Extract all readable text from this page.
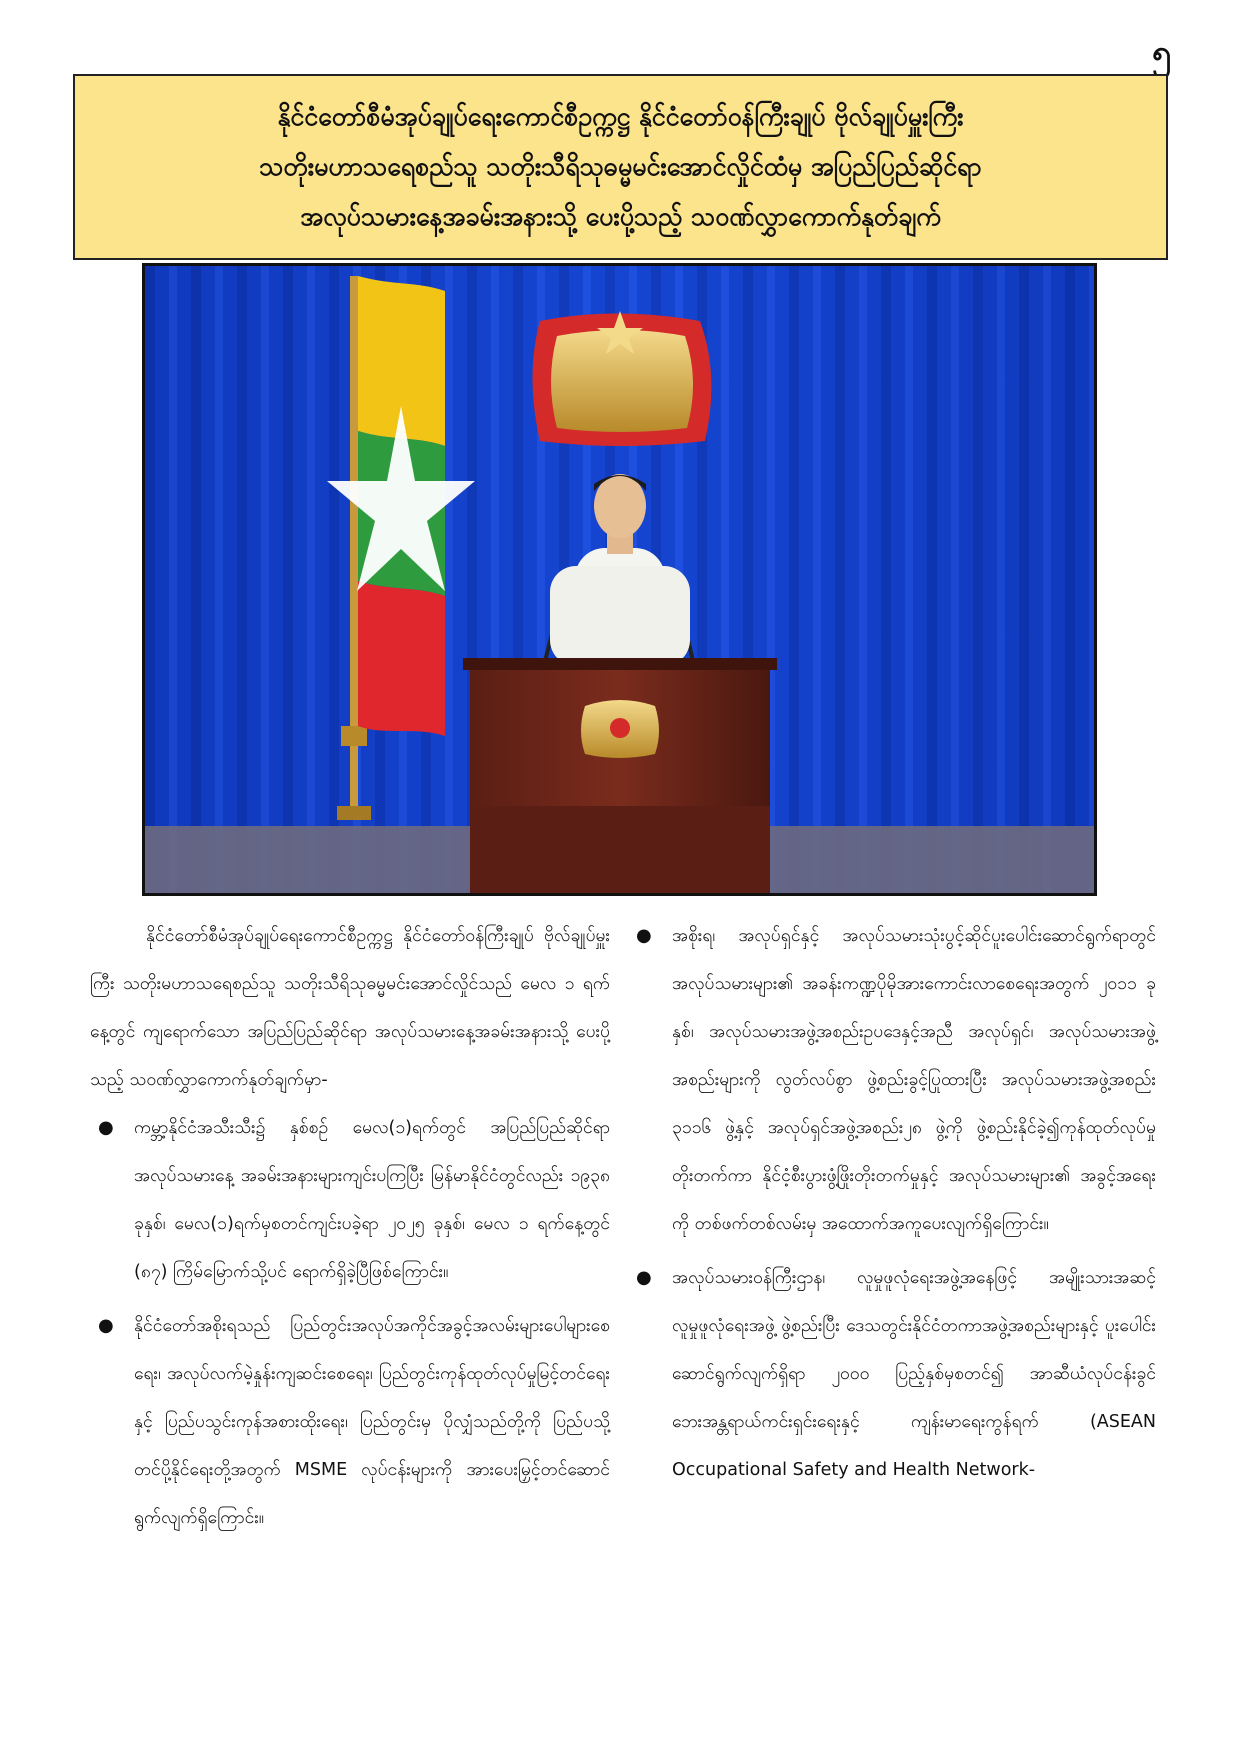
၅
နိုင်ငံတော်စီမံအုပ်ချုပ်ရေးကောင်စီဥက္ကဋ္ဌ နိုင်ငံတော်ဝန်ကြီးချုပ် ဗိုလ်ချုပ်မှူးကြီး
သတိုးမဟာသရေစည်သူ သတိုးသီရိသုဓမ္မမင်းအောင်လှိုင်ထံမှ အပြည်ပြည်ဆိုင်ရာ
အလုပ်သမားနေ့အခမ်းအနားသို့ ပေးပို့သည့် သဝဏ်လွှာကောက်နုတ်ချက်

နိုင်ငံတော်စီမံအုပ်ချုပ်ရေးကောင်စီဥက္ကဋ္ဌ နိုင်ငံတော်ဝန်ကြီးချုပ် ဗိုလ်ချုပ်မှူးကြီး သတိုးမဟာသရေစည်သူ သတိုးသီရိသုဓမ္မမင်းအောင်လှိုင်သည် မေလ ၁ ရက်နေ့တွင် ကျရောက်သော အပြည်ပြည်ဆိုင်ရာ အလုပ်သမားနေ့အခမ်းအနားသို့ ပေးပို့သည့် သဝဏ်လွှာကောက်နုတ်ချက်မှာ-

● ကမ္ဘာ့နိုင်ငံအသီးသီး၌ နှစ်စဉ် မေလ(၁)ရက်တွင် အပြည်ပြည်ဆိုင်ရာအလုပ်သမားနေ့ အခမ်းအနားများကျင်းပကြပြီး မြန်မာနိုင်ငံတွင်လည်း ၁၉၃၈ ခုနှစ်၊ မေလ(၁)ရက်မှစတင်ကျင်းပခဲ့ရာ ၂၀၂၅ ခုနှစ်၊ မေလ ၁ ရက်နေ့တွင် (၈၇) ကြိမ်မြောက်သို့ပင် ရောက်ရှိခဲ့ပြီဖြစ်ကြောင်း။
● နိုင်ငံတော်အစိုးရသည် ပြည်တွင်းအလုပ်အကိုင်အခွင့်အလမ်းများပေါများစေရေး၊ အလုပ်လက်မဲ့နှုန်းကျဆင်းစေရေး၊ ပြည်တွင်းကုန်ထုတ်လုပ်မှုမြင့်တင်ရေးနှင့် ပြည်ပသွင်းကုန်အစားထိုးရေး၊ ပြည်တွင်းမှ ပိုလျှံသည်တို့ကို ပြည်ပသို့တင်ပို့နိုင်ရေးတို့အတွက် MSME လုပ်ငန်းများကို အားပေးမြှင့်တင်ဆောင်ရွက်လျက်ရှိကြောင်း။
● အစိုးရ၊ အလုပ်ရှင်နှင့် အလုပ်သမားသုံးပွင့်ဆိုင်ပူးပေါင်းဆောင်ရွက်ရာတွင် အလုပ်သမားများ၏ အခန်းကဏ္ဍပိုမိုအားကောင်းလာစေရေးအတွက် ၂၀၁၁ ခုနှစ်၊ အလုပ်သမားအဖွဲ့အစည်းဥပဒေနှင့်အညီ အလုပ်ရှင်၊ အလုပ်သမားအဖွဲ့အစည်းများကို လွတ်လပ်စွာ ဖွဲ့စည်းခွင့်ပြုထားပြီး အလုပ်သမားအဖွဲ့အစည်း ၃၁၁၆ ဖွဲ့နှင့် အလုပ်ရှင်အဖွဲ့အစည်း၂၈ ဖွဲ့ကို ဖွဲ့စည်းနိုင်ခဲ့၍ကုန်ထုတ်လုပ်မှုတိုးတက်ကာ နိုင်ငံ့စီးပွားဖွံ့ဖြိုးတိုးတက်မှုနှင့် အလုပ်သမားများ၏ အခွင့်အရေးကို တစ်ဖက်တစ်လမ်းမှ အထောက်အကူပေးလျက်ရှိကြောင်း။
● အလုပ်သမားဝန်ကြီးဌာန၊ လူမှုဖူလုံရေးအဖွဲ့အနေဖြင့် အမျိုးသားအဆင့် လူမှုဖူလုံရေးအဖွဲ့ ဖွဲ့စည်းပြီး ဒေသတွင်းနိုင်ငံတကာအဖွဲ့အစည်းများနှင့် ပူးပေါင်းဆောင်ရွက်လျက်ရှိရာ ၂၀၀၀ ပြည့်နှစ်မှစတင်၍ အာဆီယံလုပ်ငန်းခွင်ဘေးအန္တရာယ်ကင်းရှင်းရေးနှင့် ကျန်းမာရေးကွန်ရက် (ASEAN Occupational Safety and Health Network-
